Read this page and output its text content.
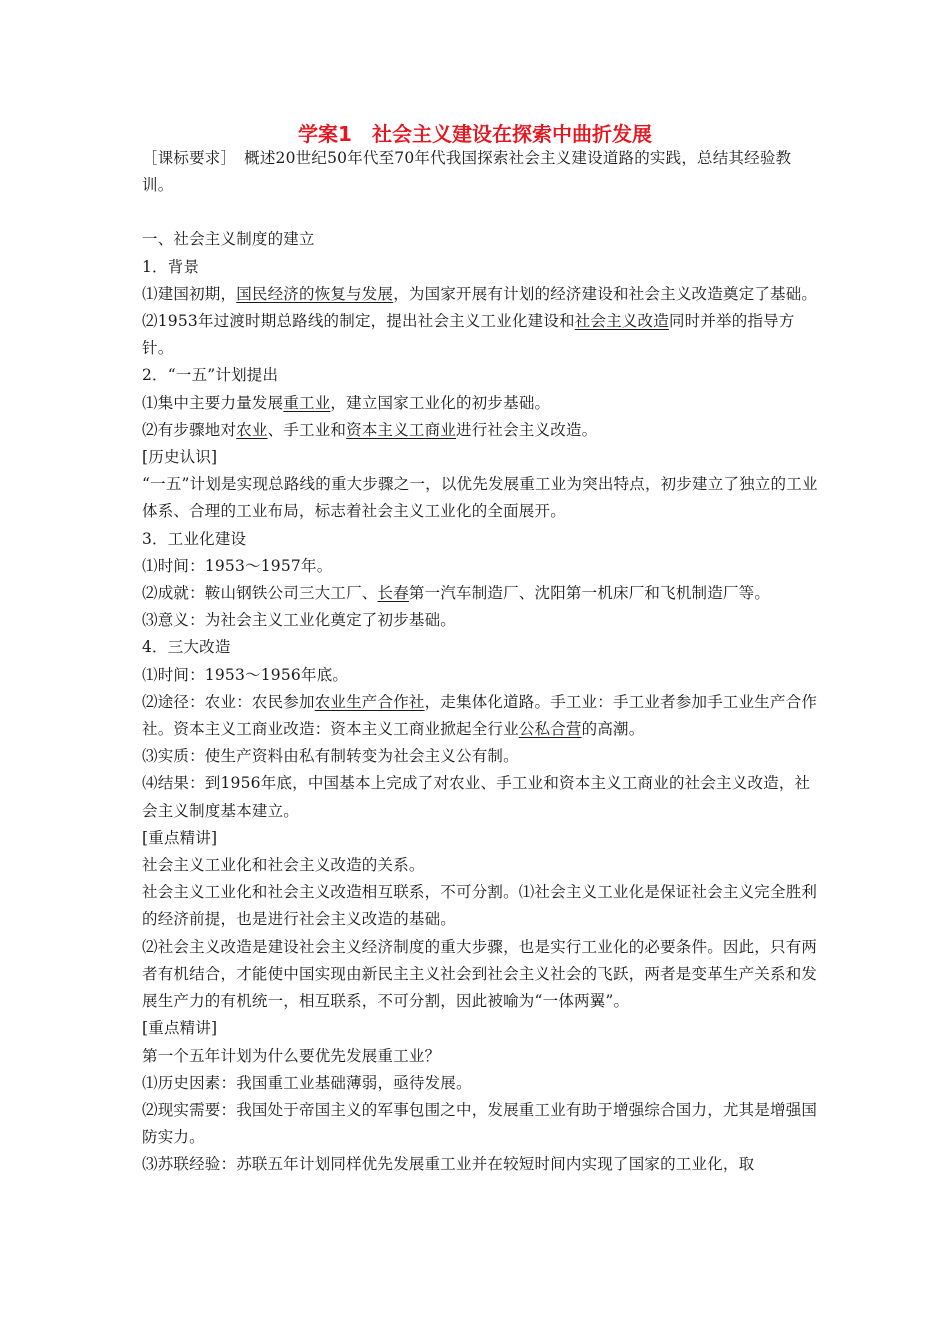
学案1　社会主义建设在探索中曲折发展

［课标要求］　概述20世纪50年代至70年代我国探索社会主义建设道路的实践，总结其经验教训。

一、社会主义制度的建立

1．背景

⑴建国初期，国民经济的恢复与发展，为国家开展有计划的经济建设和社会主义改造奠定了基础。

⑵1953年过渡时期总路线的制定，提出社会主义工业化建设和社会主义改造同时并举的指导方针。

2．“一五”计划提出

⑴集中主要力量发展重工业，建立国家工业化的初步基础。

⑵有步骤地对农业、手工业和资本主义工商业进行社会主义改造。

[历史认识]

“一五”计划是实现总路线的重大步骤之一，以优先发展重工业为突出特点，初步建立了独立的工业体系、合理的工业布局，标志着社会主义工业化的全面展开。

3．工业化建设

⑴时间：1953～1957年。

⑵成就：鞍山钢铁公司三大工厂、长春第一汽车制造厂、沈阳第一机床厂和飞机制造厂等。

⑶意义：为社会主义工业化奠定了初步基础。

4．三大改造

⑴时间：1953～1956年底。

⑵途径：农业：农民参加农业生产合作社，走集体化道路。手工业：手工业者参加手工业生产合作社。资本主义工商业改造：资本主义工商业掀起全行业公私合营的高潮。

⑶实质：使生产资料由私有制转变为社会主义公有制。

⑷结果：到1956年底，中国基本上完成了对农业、手工业和资本主义工商业的社会主义改造，社会主义制度基本建立。

[重点精讲]

社会主义工业化和社会主义改造的关系。

社会主义工业化和社会主义改造相互联系，不可分割。⑴社会主义工业化是保证社会主义完全胜利的经济前提，也是进行社会主义改造的基础。

⑵社会主义改造是建设社会主义经济制度的重大步骤，也是实行工业化的必要条件。因此，只有两者有机结合，才能使中国实现由新民主主义社会到社会主义社会的飞跃，两者是变革生产关系和发展生产力的有机统一，相互联系，不可分割，因此被喻为“一体两翼”。

[重点精讲]

第一个五年计划为什么要优先发展重工业？

⑴历史因素：我国重工业基础薄弱，亟待发展。

⑵现实需要：我国处于帝国主义的军事包围之中，发展重工业有助于增强综合国力，尤其是增强国防实力。

⑶苏联经验：苏联五年计划同样优先发展重工业并在较短时间内实现了国家的工业化，取
